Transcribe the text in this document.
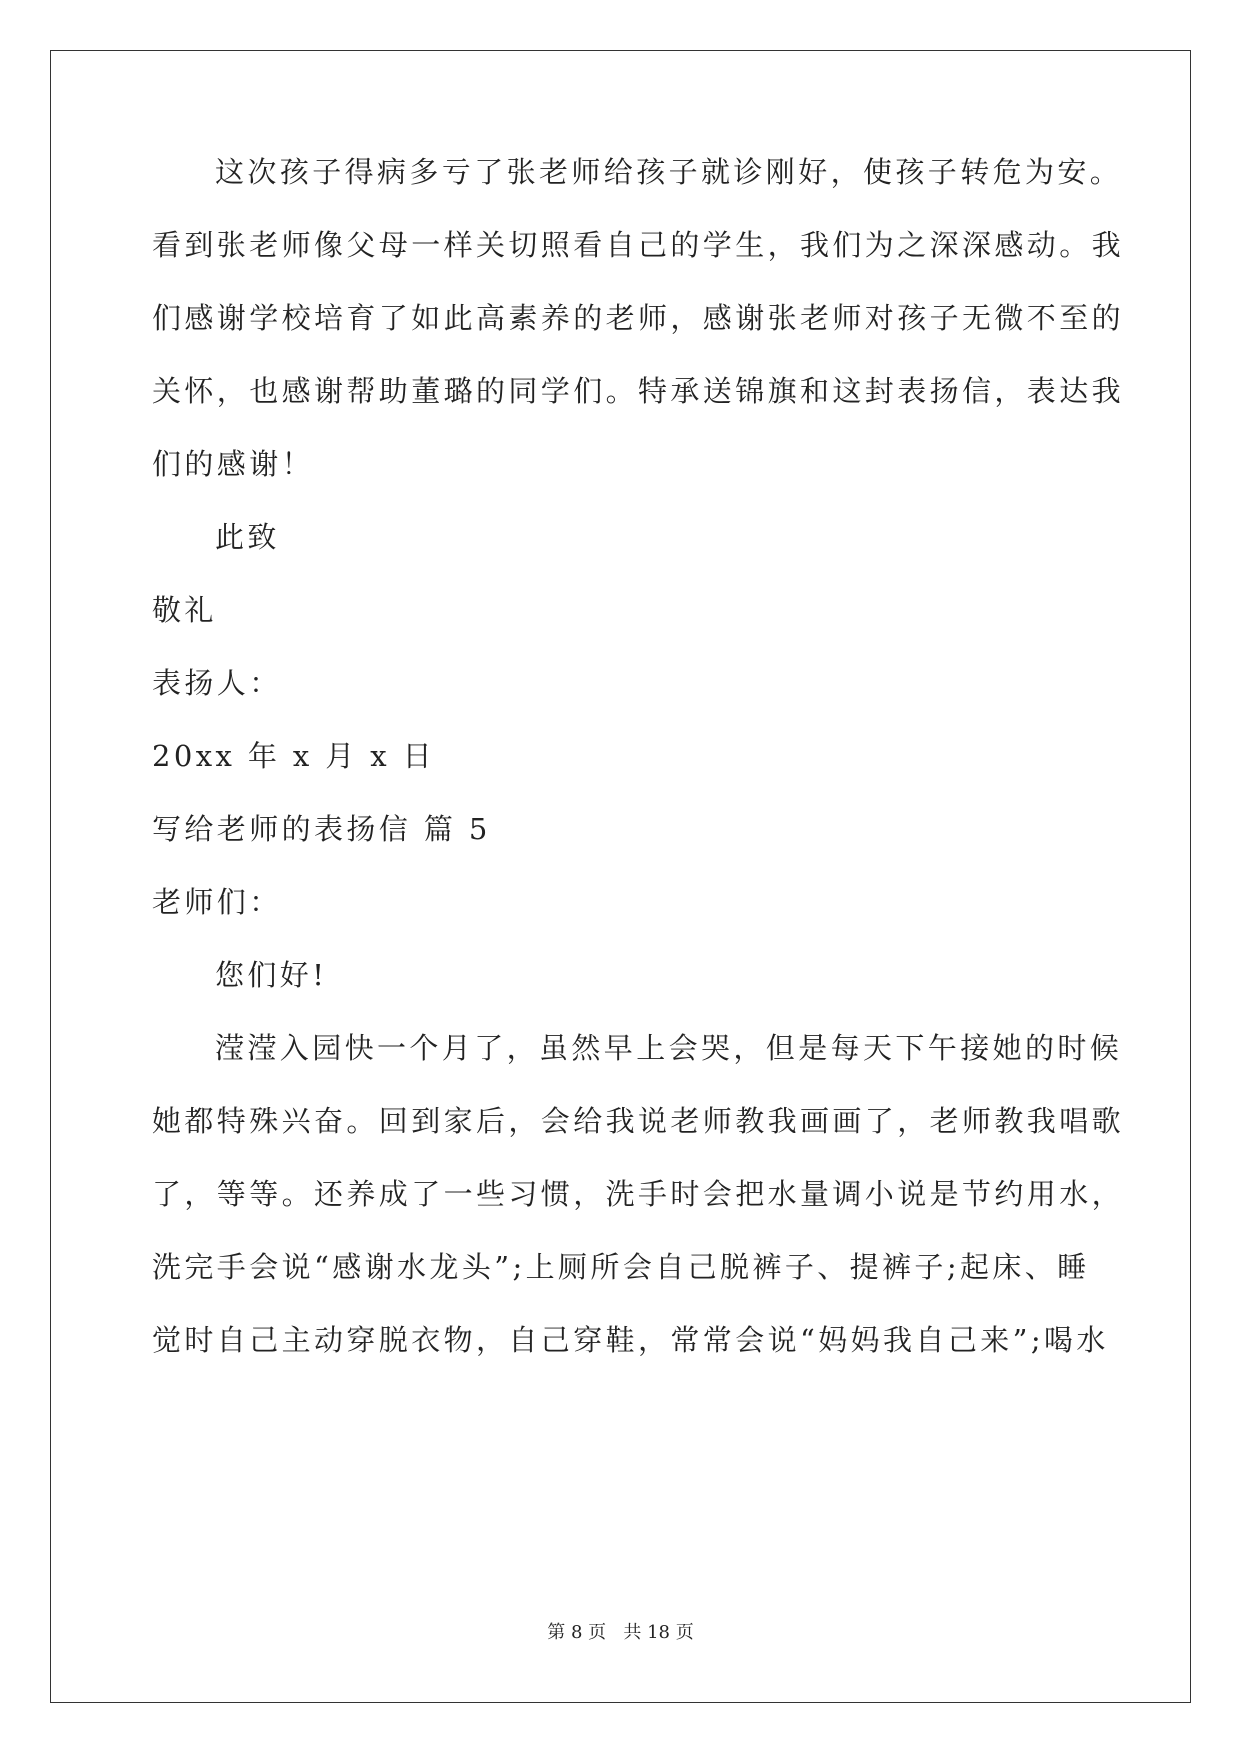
这次孩子得病多亏了张老师给孩子就诊刚好，使孩子转危为安。
看到张老师像父母一样关切照看自己的学生，我们为之深深感动。我
们感谢学校培育了如此高素养的老师，感谢张老师对孩子无微不至的
关怀，也感谢帮助董璐的同学们。特承送锦旗和这封表扬信，表达我
们的感谢！
此致
敬礼
表扬人：
20xx 年 x 月 x 日
写给老师的表扬信 篇 5
老师们：
您们好!
滢滢入园快一个月了，虽然早上会哭，但是每天下午接她的时候
她都特殊兴奋。回到家后，会给我说老师教我画画了，老师教我唱歌
了，等等。还养成了一些习惯，洗手时会把水量调小说是节约用水，
洗完手会说“感谢水龙头”;上厕所会自己脱裤子、提裤子;起床、睡
觉时自己主动穿脱衣物，自己穿鞋，常常会说“妈妈我自己来”;喝水
第 8 页   共 18 页
